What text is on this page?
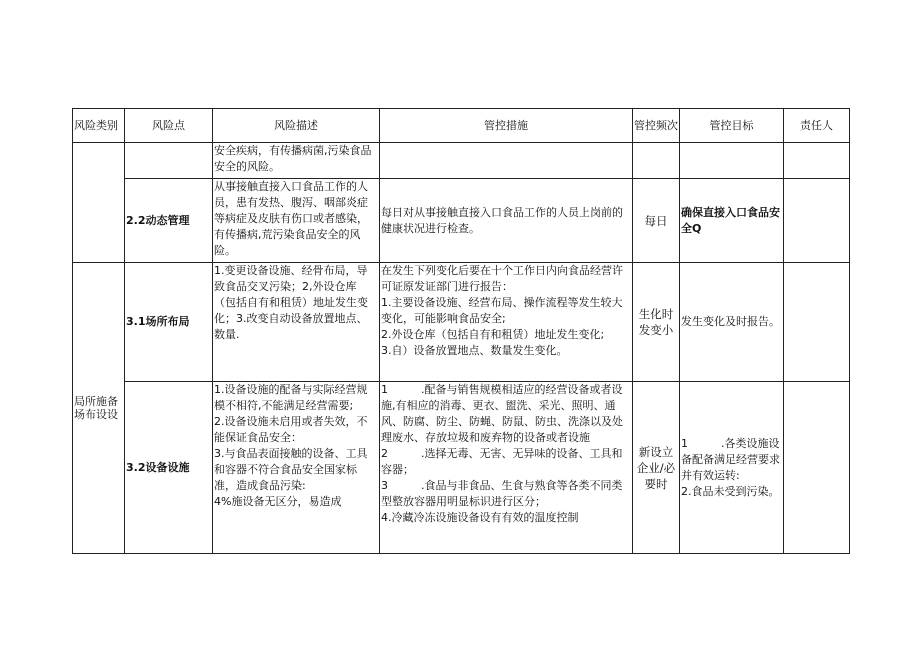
风险类别	风险点	风险描述	管控措施	管控频次	管控目标	责任人
		安全疾病，有传播病菌,污染食品安全的风险。				
	2.2动态管理	从事接触直接入口食品工作的人员，患有发热、腹泻、咽部炎症等病症及皮肤有伤口或者感染，有传播病,荒污染食品安全的风险。	每日对从事接触直接入口食品工作的人员上岗前的健康状况进行检查。	每日	确保直接入口食品安全Q	
局所施备场布设设	3.1场所布局	1.变更设备设施、经骨布局，导致食品交叉污染；2,外设仓库（包括自有和租赁）地址发生变化；3.改变自动设备放置地点、数量.	在发生下列变化后要在十个工作日内向食品经营许可证原发证部门进行报告：
1.主要设备设施、经营布局、操作流程等发生较大变化，可能影响食品安全;
2.外设仓库（包括自有和租赁）地址发生变化;
3.自）设备放置地点、数量发生变化。	生化时发变小	发生变化及时报告。	
	3.2设备设施	1.设备设施的配备与实际经营规模不相符,不能满足经营需要;
2.设备设施未启用或者失效，不能保证食品安全：
3.与食品表面接触的设备、工具和容器不符合食品安全国家标准，造成食品污染:
4%施设备无区分，易造成	1　　　.配备与销售规模相适应的经营设备或者设施,有相应的消毒、更衣、盥洗、采光、照明、通风、防腐、防尘、防蝇、防鼠、防虫、洗涤以及处理废水、存放垃圾和废弃物的设备或者设施
2　　　.选择无毒、无害、无异味的设备、工具和容器；
3　　　.食品与非食品、生食与熟食等各类不同类型整放容器用明显标识进行区分；
4.冷藏冷冻设施设备设有有效的温度控制	新设立企业/必要时	1　　　.各类设施设备配备满足经营要求并有效运转:
2.食品未受到污染。	
